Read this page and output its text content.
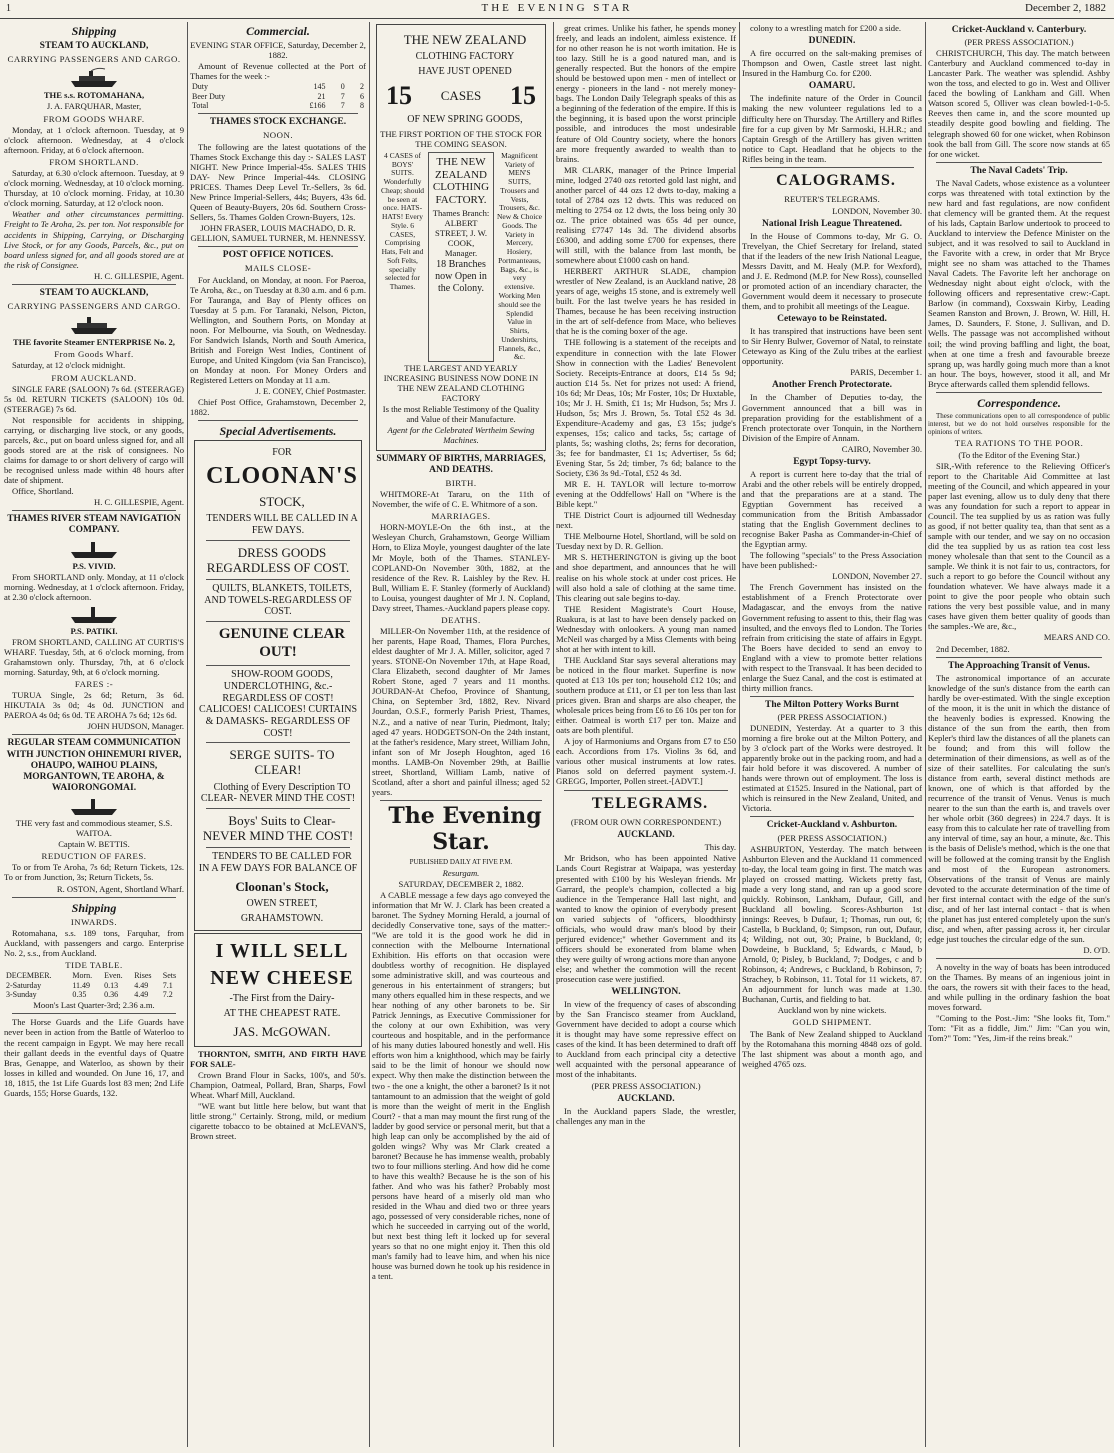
1	THE EVENING STAR	December 2, 1882
Shipping
STEAM TO AUCKLAND,
CARRYING PASSENGERS AND CARGO.

THE s.s. ROTOMAHANA,

J. A. FARQUHAR, Master,

FROM GOODS WHARF.

Monday, at 1 o'clock afternoon. Tuesday, at 9 o'clock afternoon. Wednesday, at 4 o'clock afternoon. Friday, at 6 o'clock afternoon.

FROM SHORTLAND.

Saturday, at 6.30 o'clock afternoon. Tuesday, at 9 o'clock morning. Wednesday, at 10 o'clock morning. Thursday, at 10 o'clock morning. Friday, at 10.30 o'clock morning. Saturday, at 12 o'clock noon.

Weather and other circumstances permitting. Freight to Te Aroha, 2s. per ton. Not responsible for accidents in Shipping, Carrying, or Discharging Live Stock, or for any Goods, Parcels, &c., put on board unless signed for, and all goods stored are at the risk of Consignee.

H. C. GILLESPIE, Agent.

STEAM TO AUCKLAND,
CARRYING PASSENGERS AND CARGO.

THE favorite Steamer ENTERPRISE No. 2,

From Goods Wharf.

Saturday, at 12 o'clock midnight.

FROM AUCKLAND.

SINGLE FARE (SALOON) 7s 6d. (STEERAGE) 5s 0d. RETURN TICKETS (SALOON) 10s 0d. (STEERAGE) 7s 6d.

Not responsible for accidents in shipping, carrying, or discharging live stock, or any goods, parcels, &c., put on board unless signed for, and all goods stored are at the risk of consignees. No claims for damage to or short delivery of cargo will be recognised unless made within 48 hours after date of shipment.

Office, Shortland.

H. C. GILLESPIE, Agent.

THAMES RIVER STEAM NAVIGATION COMPANY.

P.S. VIVID.

From SHORTLAND only. Monday, at 11 o'clock morning. Wednesday, at 1 o'clock afternoon. Friday, at 2.30 o'clock afternoon.

P.S. PATIKI.

FROM SHORTLAND, CALLING AT CURTIS'S WHARF. Tuesday, 5th, at 6 o'clock morning, from Grahamstown only. Thursday, 7th, at 6 o'clock morning. Saturday, 9th, at 6 o'clock morning.

FARES :-

TURUA Single, 2s 6d; Return, 3s 6d. HIKUTAIA 3s 0d; 4s 0d. JUNCTION and PAEROA 4s 0d; 6s 0d. TE AROHA 7s 6d; 12s 6d.

JOHN HUDSON, Manager.

REGULAR STEAM COMMUNICATION WITH JUNCTION OHINEMURI RIVER, OHAUPO, WAIHOU PLAINS, MORGANTOWN, TE AROHA, & WAIORONGOMAI.

THE very fast and commodious steamer, S.S. WAITOA.

Captain W. BETTIS.

REDUCTION OF FARES.

To or from Te Aroha, 7s 6d; Return Tickets, 12s. To or from Junction, 3s; Return Tickets, 5s.

R. OSTON, Agent, Shortland Wharf.

Shipping
INWARDS.

Rotomahana, s.s. 189 tons, Farquhar, from Auckland, with passengers and cargo. Enterprise No. 2, s.s., from Auckland.

TIDE TABLE.
DECEMBER.	Morn.	Even.	Rises	Sets
2-Saturday	11.49	0.13	4.49	7.1
3-Sunday	0.35	0.36	4.49	7.2

Moon's Last Quarter-3rd; 2.36 a.m.

The Horse Guards and the Life Guards have never been in action from the Battle of Waterloo to the recent campaign in Egypt. We may here recall their gallant deeds in the eventful days of Quatre Bras, Genappe, and Waterloo, as shown by their losses in killed and wounded. On June 16, 17, and 18, 1815, the 1st Life Guards lost 83 men; 2nd Life Guards, 155; Horse Guards, 132.

Commercial.

EVENING STAR OFFICE, Saturday, December 2, 1882.

Amount of Revenue collected at the Port of Thames for the week :-

Duty	145	0	2
Beer Duty	21	7	6
Total	£166	7	8
THAMES STOCK EXCHANGE.
NOON.

The following are the latest quotations of the Thames Stock Exchange this day :- SALES LAST NIGHT. New Prince Imperial-45s. SALES THIS DAY- New Prince Imperial-44s. CLOSING PRICES. Thames Deep Level Tr.-Sellers, 3s 6d. New Prince Imperial-Sellers, 44s; Buyers, 43s 6d. Queen of Beauty-Buyers, 20s 6d. Southern Cross-Sellers, 5s. Thames Golden Crown-Buyers, 12s.

JOHN FRASER, LOUIS MACHADO, D. R. GELLION, SAMUEL TURNER, M. HENNESSY.

POST OFFICE NOTICES.
MAILS CLOSE-

For Auckland, on Monday, at noon. For Paeroa, Te Aroha, &c., on Tuesday at 8.30 a.m. and 6 p.m. For Tauranga, and Bay of Plenty offices on Tuesday at 5 p.m. For Taranaki, Nelson, Picton, Wellington, and Southern Ports, on Monday at noon. For Melbourne, via South, on Wednesday. For Sandwich Islands, North and South America, British and Foreign West Indies, Continent of Europe, and United Kingdom (via San Francisco), on Monday at noon. For Money Orders and Registered Letters on Monday at 11 a.m.

J. E. CONEY, Chief Postmaster.

Chief Post Office, Grahamstown, December 2, 1882.

Special Advertisements.

FOR

CLOONAN'S

STOCK,

TENDERS WILL BE CALLED IN A FEW DAYS.

DRESS GOODS REGARDLESS OF COST.

QUILTS, BLANKETS, TOILETS, AND TOWELS-REGARDLESS OF COST.

GENUINE CLEAR OUT!

SHOW-ROOM GOODS, UNDERCLOTHING, &c.- REGARDLESS OF COST! CALICOES! CALICOES! CURTAINS & DAMASKS- REGARDLESS OF COST!

SERGE SUITS- TO CLEAR!

Clothing of Every Description TO CLEAR- NEVER MIND THE COST!

Boys' Suits to Clear- NEVER MIND THE COST!

TENDERS TO BE CALLED FOR IN A FEW DAYS FOR BALANCE OF

Cloonan's Stock,

OWEN STREET,

GRAHAMSTOWN.

I WILL SELL

NEW CHEESE

-The First from the Dairy-

AT THE CHEAPEST RATE.

JAS. McGOWAN.

THORNTON, SMITH, AND FIRTH HAVE FOR SALE-

Crown Brand Flour in Sacks, 100's, and 50's. Champion, Oatmeal, Pollard, Bran, Sharps, Fowl Wheat. Wharf Mill, Auckland.

"WE want but little here below, but want that little strong." Certainly. Strong, mild, or medium cigarette tobacco to be obtained at McLEVAN'S, Brown street.

THE NEW ZEALAND

CLOTHING FACTORY

HAVE JUST OPENED

15 CASES 15

OF NEW SPRING GOODS,

THE FIRST PORTION OF THE STOCK FOR THE COMING SEASON.

4 CASES of BOYS' SUITS. Wonderfully Cheap; should be seen at once. HATS-HATS! Every Style. 6 CASES, Comprising Hats, Felt and Soft Felts, specially selected for Thames.

THE NEW ZEALAND CLOTHING FACTORY.

Thames Branch: ALBERT STREET, J. W. COOK, Manager.

18 Branches now Open in the Colony.

Magnificent Variety of MEN'S SUITS, Trousers and Vests, Trousers, &c. New & Choice Goods. The Variety in Mercery, Hosiery, Portmanteaus, Bags, &c., is very extensive. Working Men should see the Splendid Value in Shirts, Undershirts, Flannels, &c., &c.

THE LARGEST AND YEARLY INCREASING BUSINESS NOW DONE IN THE NEW ZEALAND CLOTHING FACTORY

Is the most Reliable Testimony of the Quality and Value of their Manufacture.

Agent for the Celebrated Wertheim Sewing Machines.

SUMMARY OF BIRTHS, MARRIAGES, AND DEATHS.
BIRTH.

WHITMORE-At Tararu, on the 11th of November, the wife of C. E. Whitmore of a son.

MARRIAGES.

HORN-MOYLE-On the 6th inst., at the Wesleyan Church, Grahamstown, George William Horn, to Eliza Moyle, youngest daughter of the late Mr Moyle, both of the Thames. STANLEY-COPLAND-On November 30th, 1882, at the residence of the Rev. R. Laishley by the Rev. H. Bull, William E. F. Stanley (formerly of Auckland) to Louisa, youngest daughter of Mr J. N. Copland, Davy street, Thames.-Auckland papers please copy.

DEATHS.

MILLER-On November 11th, at the residence of her parents, Hape Road, Thames, Flora Purches, eldest daughter of Mr J. A. Miller, solicitor, aged 7 years. STONE-On November 17th, at Hape Road, Clara Elizabeth, second daughter of Mr James Robert Stone, aged 7 years and 11 months. JOURDAN-At Chefoo, Province of Shantung, China, on September 3rd, 1882, Rev. Nivard Jourdan, O.S.F., formerly Parish Priest, Thames, N.Z., and a native of near Turin, Piedmont, Italy; aged 47 years. HODGETSON-On the 24th instant, at the father's residence, Mary street, William John, infant son of Mr Joseph Houghton, aged 16 months. LAMB-On November 29th, at Baillie street, Shortland, William Lamb, native of Scotland, after a short and painful illness; aged 52 years.

The Evening Star.

PUBLISHED DAILY AT FIVE P.M.

Resurgam.

SATURDAY, DECEMBER 2, 1882.

A CABLE message a few days ago conveyed the information that Mr W. J. Clark has been created a baronet. The Sydney Morning Herald, a journal of decidedly Conservative tone, says of the matter:- "We are told it is the good work he did in connection with the Melbourne International Exhibition. His efforts on that occasion were doubtless worthy of recognition. He displayed some administrative skill, and was courteous and generous in his entertainment of strangers; but many others equalled him in these respects, and we hear nothing of any other baronets to be. Sir Patrick Jennings, as Executive Commissioner for the colony at our own Exhibition, was very courteous and hospitable, and in the performance of his many duties laboured honestly and well. His efforts won him a knighthood, which may be fairly said to be the limit of honour we should now expect. Why then make the distinction between the two - the one a knight, the other a baronet? Is it not tantamount to an admission that the weight of gold is more than the weight of merit in the English Court? - that a man may mount the first rung of the ladder by good service or personal merit, but that a high leap can only be accomplished by the aid of golden wings? Why was Mr Clark created a baronet? Because he has immense wealth, probably two to four millions sterling. And how did he come to have this wealth? Because he is the son of his father. And who was his father? Probably most persons have heard of a miserly old man who resided in the Whau and died two or three years ago, possessed of very considerable riches, none of which he succeeded in carrying out of the world, but next best thing left it locked up for several years so that no one might enjoy it. Then this old man's family had to leave him, and when his nice house was burned down he took up his residence in a tent.

great crimes. Unlike his father, he spends money freely, and leads an indolent, aimless existence. If for no other reason he is not worth imitation. He is too lazy. Still he is a good natured man, and is generally respected. But the honors of the empire should be bestowed upon men - men of intellect or energy - pioneers in the land - not merely money-bags. The London Daily Telegraph speaks of this as a beginning of the federation of the empire. If this is the beginning, it is based upon the worst principle possible, and introduces the most undesirable feature of Old Country society, where the honors are more frequently awarded to wealth than to brains.

MR CLARK, manager of the Prince Imperial mine, lodged 2740 ozs retorted gold last night, and another parcel of 44 ozs 12 dwts to-day, making a total of 2784 ozs 12 dwts. This was reduced on melting to 2754 oz 12 dwts, the loss being only 30 oz. The price obtained was 65s 4d per ounce, realising £7747 14s 3d. The dividend absorbs £6300, and adding some £700 for expenses, there will still, with the balance from last month, be somewhere about £1000 cash on hand.

HERBERT ARTHUR SLADE, champion wrestler of New Zealand, is an Auckland native, 28 years of age, weighs 15 stone, and is extremely well built. For the last twelve years he has resided in Thames, because he has been receiving instruction in the art of self-defence from Mace, who believes that he is the coming boxer of the age.

THE following is a statement of the receipts and expenditure in connection with the late Flower Show in connection with the Ladies' Benevolent Society. Receipts-Entrance at doors, £14 5s 9d; auction £14 5s. Net for prizes not used: A friend, 10s 6d; Mr Deas, 10s; Mr Foster, 10s; Dr Huxtable, 10s; Mr J. H. Smith, £1 1s; Mr Hudson, 5s; Mrs J. Hudson, 5s; Mrs J. Brown, 5s. Total £52 4s 3d. Expenditure-Academy and gas, £3 15s; judge's expenses, 15s; calico and tacks, 5s; cartage of plants, 5s; washing cloths, 2s; ferns for decoration, 3s; fee for bandmaster, £1 1s; Advertiser, 5s 6d; Evening Star, 5s 2d; timber, 7s 6d; balance to the Society, £36 3s 9d.-Total, £52 4s 3d.

MR E. H. TAYLOR will lecture to-morrow evening at the Oddfellows' Hall on "Where is the Bible kept."

THE District Court is adjourned till Wednesday next.

THE Melbourne Hotel, Shortland, will be sold on Tuesday next by D. R. Gellion.

MR S. HETHERINGTON is giving up the boot and shoe department, and announces that he will realise on his whole stock at under cost prices. He will also hold a sale of clothing at the same time. This clearing out sale begins to-day.

THE Resident Magistrate's Court House, Ruakura, is at last to have been densely packed on Wednesday with onlookers. A young man named McNeil was charged by a Miss Clements with being shot at her with intent to kill.

THE Auckland Star says several alterations may be noticed in the flour market. Superfine is now quoted at £13 10s per ton; household £12 10s; and southern produce at £11, or £1 per ton less than last prices given. Bran and sharps are also cheaper, the wholesale prices being from £6 to £6 10s per ton for either. Oatmeal is worth £17 per ton. Maize and oats are both plentiful.

A joy of Harmoniums and Organs from £7 to £50 each. Accordions from 17s. Violins 3s 6d, and various other musical instruments at low rates. Pianos sold on deferred payment system.-J. GREGG, Importer, Pollen street.-[ADVT.]

TELEGRAMS.

(FROM OUR OWN CORRESPONDENT.)

AUCKLAND.

This day.

Mr Bridson, who has been appointed Native Lands Court Registrar at Waipapa, was yesterday presented with £100 by his Wesleyan friends. Mr Garrard, the people's champion, collected a big audience in the Temperance Hall last night, and wanted to know the opinion of everybody present on varied subjects of "officers, bloodthirsty officials, who would draw man's blood by their perjured evidence;" whether Government and its officers should be exonerated from blame when they were guilty of wrong actions more than anyone else; and whether the commotion will the recent prosecution case were justified.

WELLINGTON.

In view of the frequency of cases of absconding by the San Francisco steamer from Auckland, Government have decided to adopt a course which it is thought may have some repressive effect on cases of the kind. It has been determined to draft off to Auckland from each principal city a detective well acquainted with the personal appearance of most of the inhabitants.

(PER PRESS ASSOCIATION.)

AUCKLAND.

In the Auckland papers Slade, the wrestler, challenges any man in the

colony to a wrestling match for £200 a side.

DUNEDIN.

A fire occurred on the salt-making premises of Thompson and Owen, Castle street last night. Insured in the Hamburg Co. for £200.

OAMARU.

The indefinite nature of the Order in Council making the new volunteer regulations led to a difficulty here on Thursday. The Artillery and Rifles fire for a cup given by Mr Sarmoski, H.H.R.; and Captain Gresgh of the Artillery has given written notice to Capt. Headland that he objects to the Rifles being in the team.

CALOGRAMS.

REUTER'S TELEGRAMS.

LONDON, November 30.

National Irish League Threatened.

In the House of Commons to-day, Mr G. O. Trevelyan, the Chief Secretary for Ireland, stated that if the leaders of the new Irish National League, Messrs Davitt, and M. Healy (M.P. for Wexford), and J. E. Redmond (M.P. for New Ross), counselled or promoted action of an incendiary character, the Government would deem it necessary to prosecute them, and to prohibit all meetings of the League.

Cetewayo to be Reinstated.

It has transpired that instructions have been sent to Sir Henry Bulwer, Governor of Natal, to reinstate Cetewayo as King of the Zulu tribes at the earliest opportunity.

PARIS, December 1.

Another French Protectorate.

In the Chamber of Deputies to-day, the Government announced that a bill was in preparation providing for the establishment of a French protectorate over Tonquin, in the Northern Division of the Empire of Annam.

CAIRO, November 30.

Egypt Topsy-turvy.

A report is current here to-day that the trial of Arabi and the other rebels will be entirely dropped, and that the preparations are at a stand. The Egyptian Government has received a communication from the British Ambassador stating that the English Government declines to recognise Baker Pasha as Commander-in-Chief of the Egyptian army.

The following "specials" to the Press Association have been published:-

LONDON, November 27.

The French Government has insisted on the establishment of a French Protectorate over Madagascar, and the envoys from the native Government refusing to assent to this, their flag was insulted, and the envoys fled to London. The Tories refrain from criticising the state of affairs in Egypt. The Boers have decided to send an envoy to England with a view to promote better relations with respect to the Transvaal. It has been decided to enlarge the Suez Canal, and the cost is estimated at thirty million francs.

The Milton Pottery Works Burnt

(PER PRESS ASSOCIATION.)

DUNEDIN, Yesterday. At a quarter to 3 this morning a fire broke out at the Milton Pottery, and by 3 o'clock part of the Works were destroyed. It apparently broke out in the packing room, and had a fair hold before it was discovered. A number of hands were thrown out of employment. The loss is estimated at £1525. Insured in the National, part of which is reinsured in the New Zealand, United, and Victoria.

Cricket-Auckland v. Ashburton.

(PER PRESS ASSOCIATION.)

ASHBURTON, Yesterday. The match between Ashburton Eleven and the Auckland 11 commenced to-day, the local team going in first. The match was played on crossed matting. Wickets pretty fast, made a very long stand, and ran up a good score quickly. Robinson, Lankham, Dufaur, Gill, and Buckland all bowling. Scores-Ashburton 1st innings: Reeves, b Dufaur, 1; Thomas, run out, 6; Castella, b Buckland, 0; Simpson, run out, Dufaur, 4; Wilding, not out, 30; Praine, b Buckland, 0; Dowdeine, b Buckland, 5; Edwards, c Maud, b Arnold, 0; Pisley, b Buckland, 7; Dodges, c and b Robinson, 4; Andrews, c Buckland, b Robinson, 7; Strachey, b Robinson, 11. Total for 11 wickets, 87. An adjournment for lunch was made at 1.30. Buchanan, Curtis, and fielding to bat.

Auckland won by nine wickets.

GOLD SHIPMENT.

The Bank of New Zealand shipped to Auckland by the Rotomahana this morning 4848 ozs of gold. The last shipment was about a month ago, and weighed 4765 ozs.

Cricket-Auckland v. Canterbury.

(PER PRESS ASSOCIATION.)

CHRISTCHURCH, This day. The match between Canterbury and Auckland commenced to-day in Lancaster Park. The weather was splendid. Ashby won the toss, and elected to go in. West and Olliver faced the bowling of Lankham and Gill. When Watson scored 5, Olliver was clean bowled-1-0-5. Reeves then came in, and the score mounted up steadily despite good bowling and fielding. The telegraph showed 60 for one wicket, when Robinson took the ball from Gill. The score now stands at 65 for one wicket.

The Naval Cadets' Trip.

The Naval Cadets, whose existence as a volunteer corps was threatened with total extinction by the new hard and fast regulations, are now confident that clemency will be granted them. At the request of his lads, Captain Barlow undertook to proceed to Auckland to interview the Defence Minister on the subject, and it was resolved to sail to Auckland in the Favorite with a crew, in order that Mr Bryce might see no sham was attached to the Thames Naval Cadets. The Favorite left her anchorage on Wednesday night about eight o'clock, with the following officers and representative crew:-Capt. Barlow (in command), Coxswain Kirby, Leading Seamen Ranston and Brown, J. Brown, W. Hill, H. James, D. Saunders, F. Stone, J. Sullivan, and D. Wells. The passage was not accomplished without toil; the wind proving baffling and light, the boat, when at one time a fresh and favourable breeze sprang up, was hardly going much more than a knot an hour. The boys, however, stood it all, and Mr Bryce afterwards called them splendid fellows.

Correspondence.

These communications open to all correspondence of public interest, but we do not hold ourselves responsible for the opinions of writers.

TEA RATIONS TO THE POOR.

(To the Editor of the Evening Star.)

SIR,-With reference to the Relieving Officer's report to the Charitable Aid Committee at last meeting of the Council, and which appeared in your paper last evening, allow us to duly deny that there was any foundation for such a report to appear in Council. The tea supplied by us as ration was fully as good, if not better quality tea, than that sent as a sample with our tender, and we say on no occasion did the tea supplied by us as ration tea cost less money wholesale than that sent to the Council as a sample. We think it is not fair to us, contractors, for such a report to go before the Council without any foundation whatever. We have always made it a point to give the poor people who obtain such rations the very best possible value, and in many cases have given them better quality of goods than the samples.-We are, &c.,

MEARS AND CO.

2nd December, 1882.

The Approaching Transit of Venus.

The astronomical importance of an accurate knowledge of the sun's distance from the earth can hardly be over-estimated. With the single exception of the moon, it is the unit in which the distance of the heavenly bodies is expressed. Knowing the distance of the sun from the earth, then from Kepler's third law the distances of all the planets can be found; and from this will follow the determination of their dimensions, as well as of the size of their satellites. For calculating the sun's distance from earth, several distinct methods are known, one of which is that afforded by the recurrence of the transit of Venus. Venus is much nearer to the sun than the earth is, and travels over her whole orbit (360 degrees) in 224.7 days. It is easy from this to calculate her rate of travelling from any interval of time, say an hour, a minute, &c. This is the basis of Delisle's method, which is the one that will be followed at the coming transit by the English and most of the European astronomers. Observations of the transit of Venus are mainly devoted to the accurate determination of the time of her first internal contact with the edge of the sun's disc, and of her last internal contact - that is when the planet has just entered completely upon the sun's disc, and when, after passing across it, her circular edge just touches the circular edge of the sun.

D. O'D.

A novelty in the way of boats has been introduced on the Thames. By means of an ingenious joint in the oars, the rowers sit with their faces to the head, and while pulling in the ordinary fashion the boat moves forward.

"Coming to the Post.-Jim: "She looks fit, Tom." Tom: "Fit as a fiddle, Jim." Jim: "Can you win, Tom?" Tom: "Yes, Jim-if the reins break."
